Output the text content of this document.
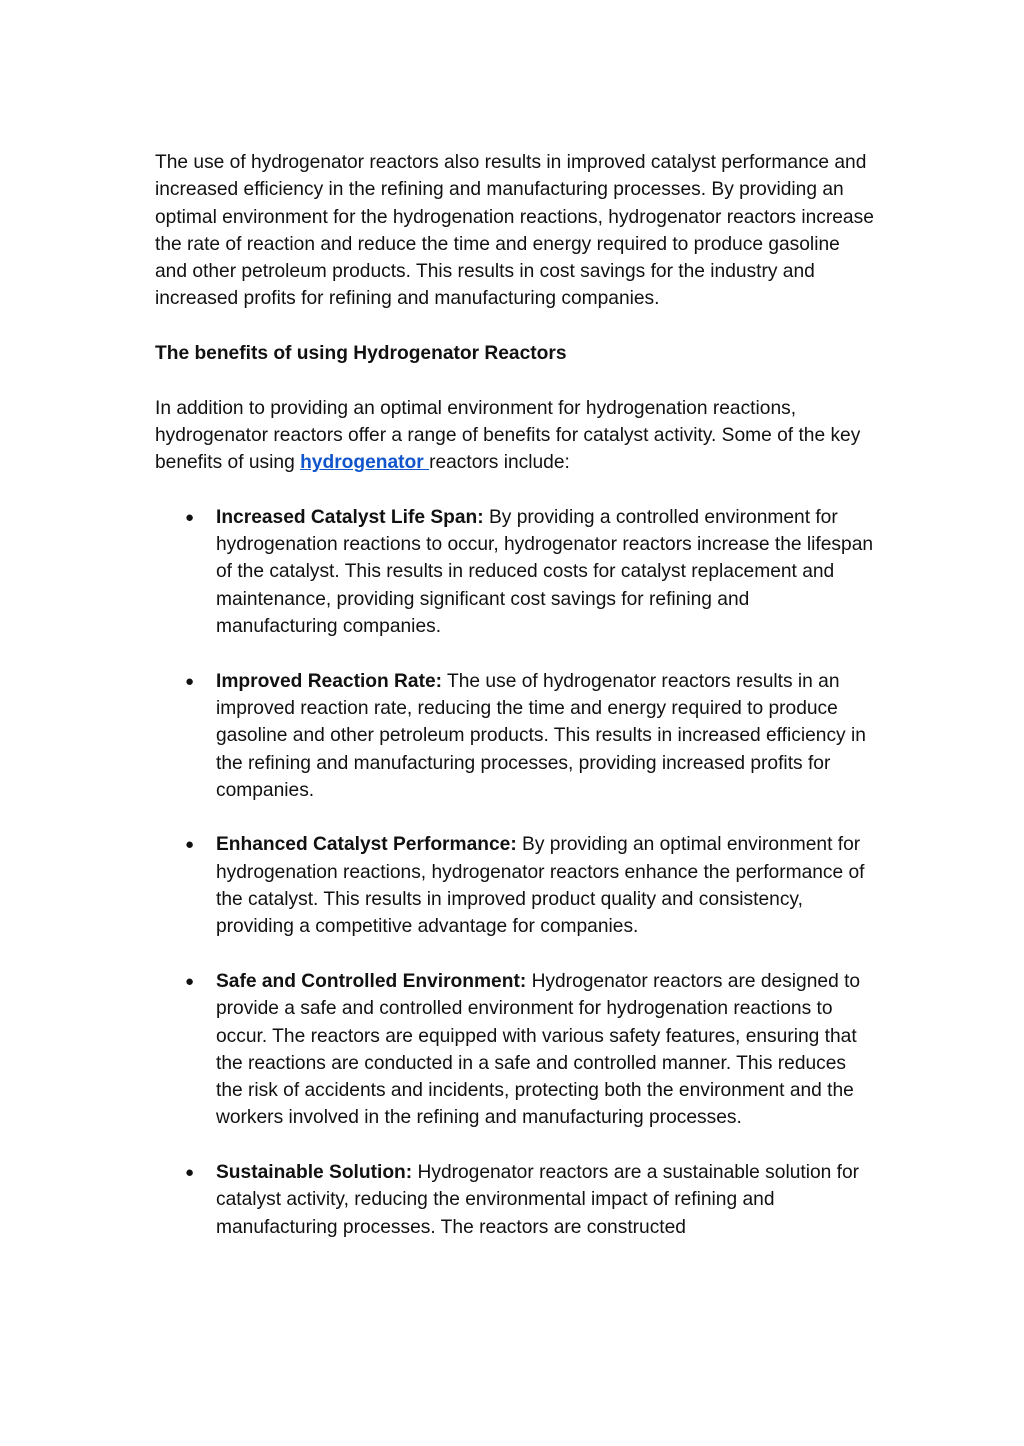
The use of hydrogenator reactors also results in improved catalyst performance and increased efficiency in the refining and manufacturing processes. By providing an optimal environment for the hydrogenation reactions, hydrogenator reactors increase the rate of reaction and reduce the time and energy required to produce gasoline and other petroleum products. This results in cost savings for the industry and increased profits for refining and manufacturing companies.

The benefits of using Hydrogenator Reactors

In addition to providing an optimal environment for hydrogenation reactions, hydrogenator reactors offer a range of benefits for catalyst activity. Some of the key benefits of using hydrogenator reactors include:

● Increased Catalyst Life Span: By providing a controlled environment for hydrogenation reactions to occur, hydrogenator reactors increase the lifespan of the catalyst. This results in reduced costs for catalyst replacement and maintenance, providing significant cost savings for refining and manufacturing companies.
● Improved Reaction Rate: The use of hydrogenator reactors results in an improved reaction rate, reducing the time and energy required to produce gasoline and other petroleum products. This results in increased efficiency in the refining and manufacturing processes, providing increased profits for companies.
● Enhanced Catalyst Performance: By providing an optimal environment for hydrogenation reactions, hydrogenator reactors enhance the performance of the catalyst. This results in improved product quality and consistency, providing a competitive advantage for companies.
● Safe and Controlled Environment: Hydrogenator reactors are designed to provide a safe and controlled environment for hydrogenation reactions to occur. The reactors are equipped with various safety features, ensuring that the reactions are conducted in a safe and controlled manner. This reduces the risk of accidents and incidents, protecting both the environment and the workers involved in the refining and manufacturing processes.
● Sustainable Solution: Hydrogenator reactors are a sustainable solution for catalyst activity, reducing the environmental impact of refining and manufacturing processes. The reactors are constructed
